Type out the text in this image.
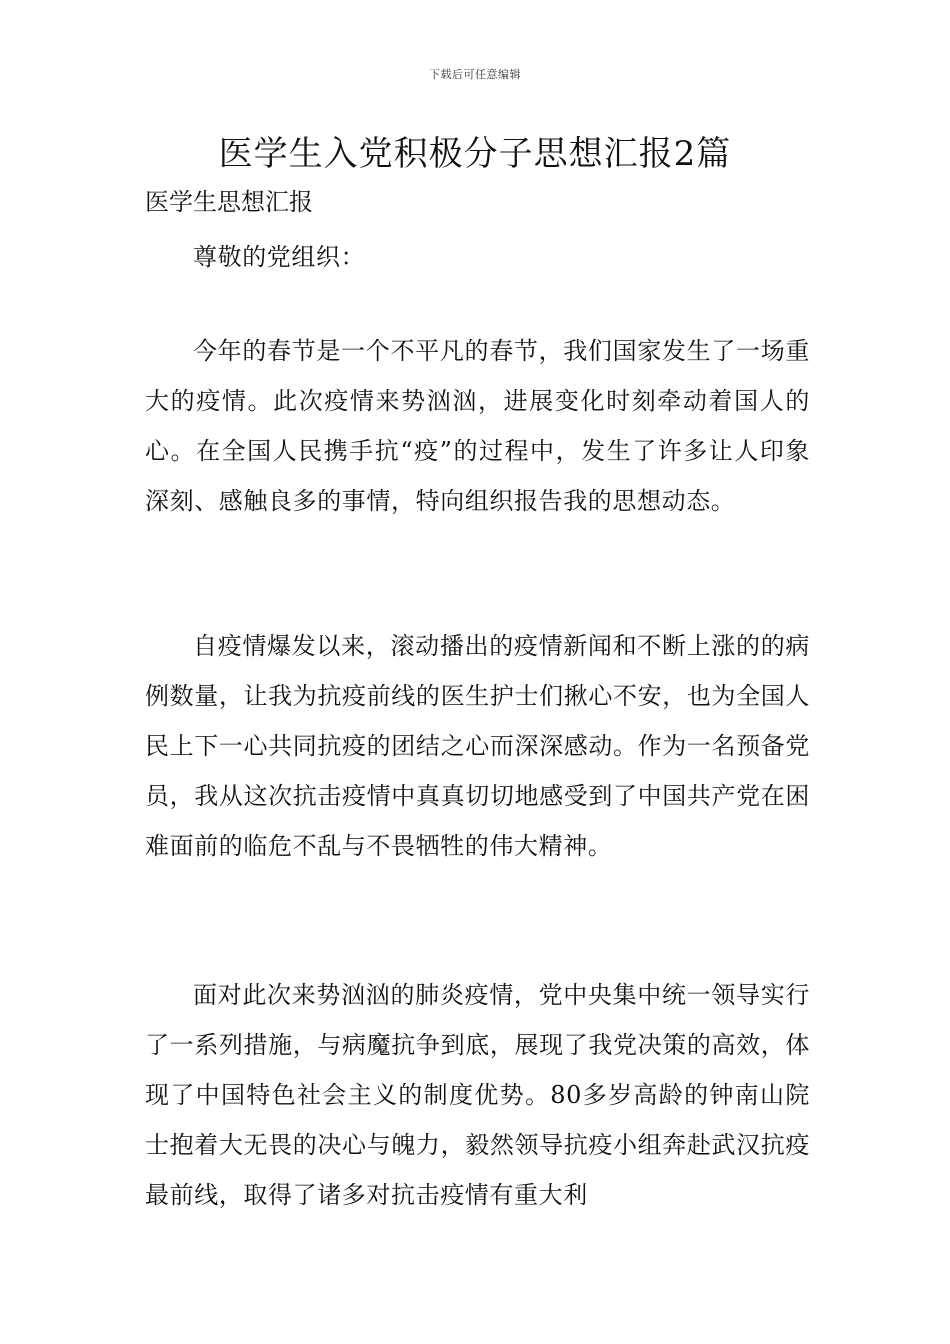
下载后可任意编辑
医学生入党积极分子思想汇报2篇

医学生思想汇报

尊敬的党组织：

今年的春节是一个不平凡的春节，我们国家发生了一场重大的疫情。此次疫情来势汹汹，进展变化时刻牵动着国人的心。在全国人民携手抗“疫”的过程中，发生了许多让人印象深刻、感触良多的事情，特向组织报告我的思想动态。

自疫情爆发以来，滚动播出的疫情新闻和不断上涨的的病例数量，让我为抗疫前线的医生护士们揪心不安，也为全国人民上下一心共同抗疫的团结之心而深深感动。作为一名预备党员，我从这次抗击疫情中真真切切地感受到了中国共产党在困难面前的临危不乱与不畏牺牲的伟大精神。

面对此次来势汹汹的肺炎疫情，党中央集中统一领导实行了一系列措施，与病魔抗争到底，展现了我党决策的高效，体现了中国特色社会主义的制度优势。80多岁高龄的钟南山院士抱着大无畏的决心与魄力，毅然领导抗疫小组奔赴武汉抗疫最前线，取得了诸多对抗击疫情有重大利
